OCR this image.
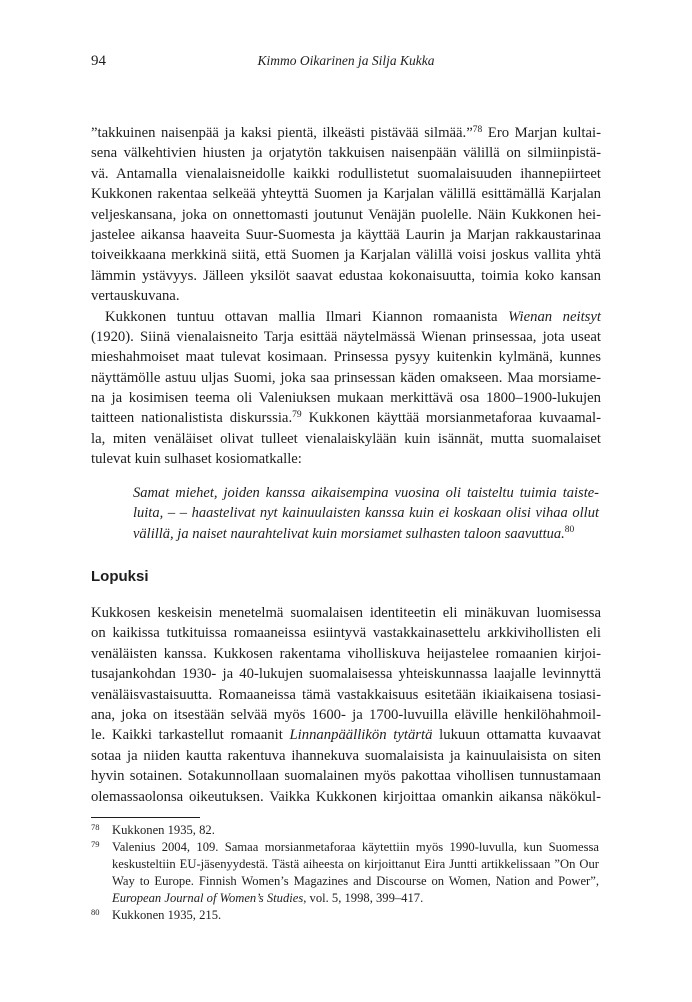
94	Kimmo Oikarinen ja Silja Kukka
”takkuinen naisenpää ja kaksi pientä, ilkeästi pistävää silmää.”$^{78}$ Ero Marjan kultai-
sena välkehtivien hiusten ja orjatytön takkuisen naisenpään välillä on silmiinpistä-
vä. Antamalla vienalaisneidolle kaikki rodullistetut suomalaisuuden ihannepiirteet
Kukkonen rakentaa selkeää yhteyttä Suomen ja Karjalan välillä esittämällä Karjalan
veljeskansana, joka on onnettomasti joutunut Venäjän puolelle. Näin Kukkonen hei-
jastelee aikansa haaveita Suur-Suomesta ja käyttää Laurin ja Marjan rakkaustarinaa
toiveikkaana merkkinä siitä, että Suomen ja Karjalan välillä voisi joskus vallita yhtä
lämmin ystävyys. Jälleen yksilöt saavat edustaa kokonaisuutta, toimia koko kansan
vertauskuvana.
Kukkonen tuntuu ottavan mallia Ilmari Kiannon romaanista Wienan neitsyt
(1920). Siinä vienalaisneito Tarja esittää näytelmässä Wienan prinsessaa, jota useat
mieshahmoiset maat tulevat kosimaan. Prinsessa pysyy kuitenkin kylmänä, kunnes
näyttämölle astuu uljas Suomi, joka saa prinsessan käden omakseen. Maa morsiame-
na ja kosimisen teema oli Valeniuksen mukaan merkittävä osa 1800–1900-lukujen
taitteen nationalistista diskurssia.$^{79}$ Kukkonen käyttää morsianmetaforaa kuvaamal-
la, miten venäläiset olivat tulleet vienalaiskylään kuin isännät, mutta suomalaiset
tulevat kuin sulhaset kosiomatkalle:
Samat miehet, joiden kanssa aikaisempina vuosina oli taisteltu tuimia taiste-
luita, – – haastelivat nyt kainuulaisten kanssa kuin ei koskaan olisi vihaa ollut
välillä, ja naiset naurahtelivat kuin morsiamet sulhasten taloon saavuttua.$^{80}$
Lopuksi
Kukkosen keskeisin menetelmä suomalaisen identiteetin eli minäkuvan luomisessa
on kaikissa tutkituissa romaaneissa esiintyvä vastakkainasettelu arkkivihollisten eli
venäläisten kanssa. Kukkosen rakentama viholliskuva heijastelee romaanien kirjoi-
tusajankohdan 1930- ja 40-lukujen suomalaisessa yhteiskunnassa laajalle levinnyttä
venäläisvastaisuutta. Romaaneissa tämä vastakkaisuus esitetään ikiaikaisena tosiasi-
ana, joka on itsestään selvää myös 1600- ja 1700-luvuilla eläville henkilöhahmoil-
le. Kaikki tarkastellut romaanit Linnanpäällikön tytärtä lukuun ottamatta kuvaavat
sotaa ja niiden kautta rakentuva ihannekuva suomalaisista ja kainuulaisista on siten
hyvin sotainen. Sotakunnollaan suomalainen myös pakottaa vihollisen tunnustamaan
olemassaolonsa oikeutuksen. Vaikka Kukkonen kirjoittaa omankin aikansa näkökul-
78 Kukkonen 1935, 82.
79 Valenius 2004, 109. Samaa morsianmetaforaa käytettiin myös 1990-luvulla, kun Suomessa
keskusteltiin EU-jäsenyydestä. Tästä aiheesta on kirjoittanut Eira Juntti artikkelissaan ”On Our
Way to Europe. Finnish Women’s Magazines and Discourse on Women, Nation and Power”,
European Journal of Women’s Studies, vol. 5, 1998, 399–417.
80 Kukkonen 1935, 215.
